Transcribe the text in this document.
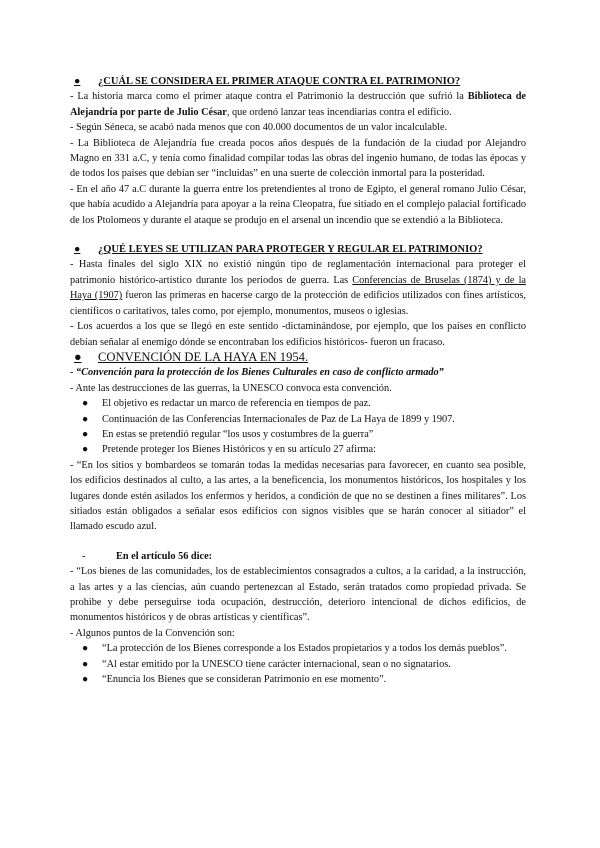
●	¿CUÁL SE CONSIDERA EL PRIMER ATAQUE CONTRA EL PATRIMONIO?

- La historia marca como el primer ataque contra el Patrimonio la destrucción que sufrió la Biblioteca de Alejandría por parte de Julio César, que ordenó lanzar teas incendiarias contra el edificio.

- Según Séneca, se acabó nada menos que con 40.000 documentos de un valor incalculable.

- La Biblioteca de Alejandría fue creada pocos años después de la fundación de la ciudad por Alejandro Magno en 331 a.C, y tenía como finalidad compilar todas las obras del ingenio humano, de todas las épocas y de todos los países que debían ser “incluidas” en una suerte de colección inmortal para la posteridad.

- En el año 47 a.C durante la guerra entre los pretendientes al trono de Egipto, el general romano Julio César, que había acudido a Alejandría para apoyar a la reina Cleopatra, fue sitiado en el complejo palacial fortificado de los Ptolomeos y durante el ataque se produjo en el arsenal un incendio que se extendió a la Biblioteca.

●	¿QUÉ LEYES SE UTILIZAN PARA PROTEGER Y REGULAR EL PATRIMONIO?

- Hasta finales del siglo XIX no existió ningún tipo de reglamentación internacional para proteger el patrimonio histórico-artístico durante los periodos de guerra. Las Conferencias de Bruselas (1874) y de la Haya (1907) fueron las primeras en hacerse cargo de la protección de edificios utilizados con fines artísticos, científicos o caritativos, tales como, por ejemplo, monumentos, museos o iglesias.

- Los acuerdos a los que se llegó en este sentido -dictaminándose, por ejemplo, que los países en conflicto debían señalar al enemigo dónde se encontraban los edificios históricos- fueron un fracaso.

●	CONVENCIÓN DE LA HAYA EN 1954.

- “Convención para la protección de los Bienes Culturales en caso de conflicto armado”

- Ante las destrucciones de las guerras, la UNESCO convoca esta convención.

●	El objetivo es redactar un marco de referencia en tiempos de paz.
●	Continuación de las Conferencias Internacionales de Paz de La Haya de 1899 y 1907.
●	En estas se pretendió regular “los usos y costumbres de la guerra”
●	Pretende proteger los Bienes Históricos y en su artículo 27 afirma:

- “En los sitios y bombardeos se tomarán todas la medidas necesarias para favorecer, en cuanto sea posible, los edificios destinados al culto, a las artes, a la beneficencia, los monumentos históricos, los hospitales y los lugares donde estén asilados los enfermos y heridos, a condición de que no se destinen a fines militares”. Los sitiados están obligados a señalar esos edificios con signos visibles que se harán conocer al sitiador” el llamado escudo azul.

-	En el artículo 56 dice:

- “Los bienes de las comunidades, los de establecimientos consagrados a cultos, a la caridad, a la instrucción, a las artes y a las ciencias, aún cuando pertenezcan al Estado, serán tratados como propiedad privada. Se prohibe y debe perseguirse toda ocupación, destrucción, deterioro intencional de dichos edificios, de monumentos históricos y de obras artísticas y científicas”.

- Algunos puntos de la Convención son:

●	“La protección de los Bienes corresponde a los Estados propietarios y a todos los demás pueblos”.
●	“Al estar emitido por la UNESCO tiene carácter internacional, sean o no signatarios.
●	“Enuncia los Bienes que se consideran Patrimonio en ese momento”.
